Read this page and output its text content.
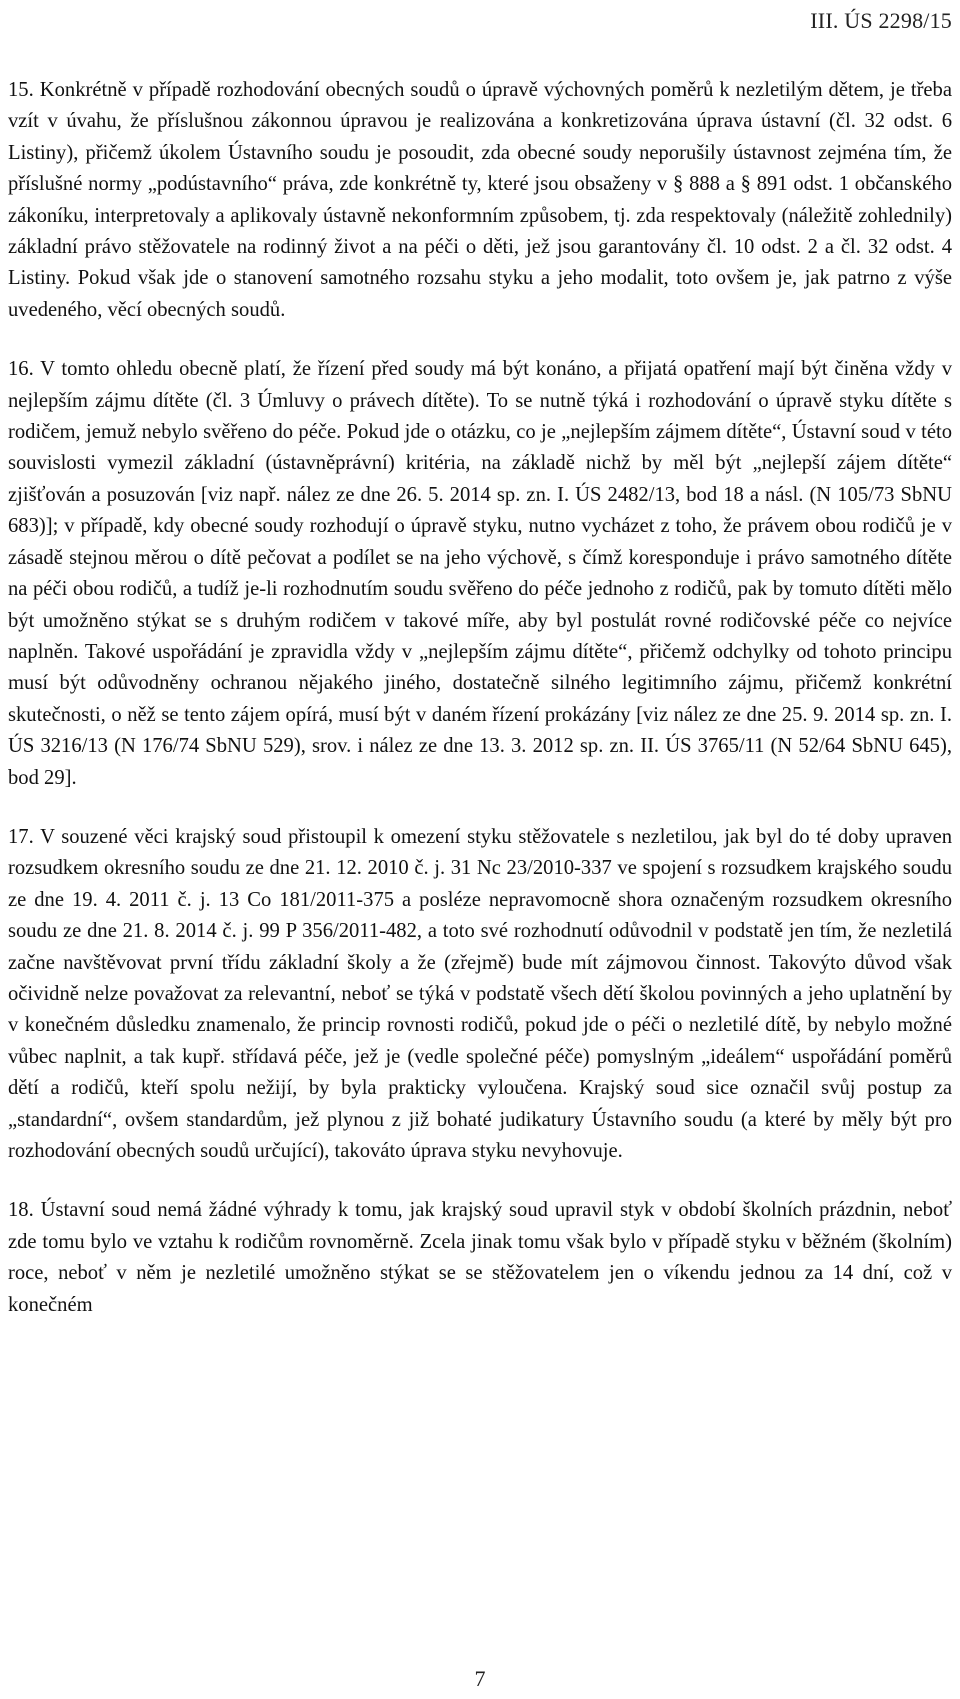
III. ÚS 2298/15

15. Konkrétně v případě rozhodování obecných soudů o úpravě výchovných poměrů k nezletilým dětem, je třeba vzít v úvahu, že příslušnou zákonnou úpravou je realizována a konkretizována úprava ústavní (čl. 32 odst. 6 Listiny), přičemž úkolem Ústavního soudu je posoudit, zda obecné soudy neporušily ústavnost zejména tím, že příslušné normy „podústavního“ práva, zde konkrétně ty, které jsou obsaženy v § 888 a § 891 odst. 1 občanského zákoníku, interpretovaly a aplikovaly ústavně nekonformním způsobem, tj. zda respektovaly (náležitě zohlednily) základní právo stěžovatele na rodinný život a na péči o děti, jež jsou garantovány čl. 10 odst. 2 a čl. 32 odst. 4 Listiny. Pokud však jde o stanovení samotného rozsahu styku a jeho modalit, toto ovšem je, jak patrno z výše uvedeného, věcí obecných soudů.

16. V tomto ohledu obecně platí, že řízení před soudy má být konáno, a přijatá opatření mají být činěna vždy v nejlepším zájmu dítěte (čl. 3 Úmluvy o právech dítěte). To se nutně týká i rozhodování o úpravě styku dítěte s rodičem, jemuž nebylo svěřeno do péče. Pokud jde o otázku, co je „nejlepším zájmem dítěte“, Ústavní soud v této souvislosti vymezil základní (ústavněprávní) kritéria, na základě nichž by měl být „nejlepší zájem dítěte“ zjišťován a posuzován [viz např. nález ze dne 26. 5. 2014 sp. zn. I. ÚS 2482/13, bod 18 a násl. (N 105/73 SbNU 683)]; v případě, kdy obecné soudy rozhodují o úpravě styku, nutno vycházet z toho, že právem obou rodičů je v zásadě stejnou měrou o dítě pečovat a podílet se na jeho výchově, s čímž koresponduje i právo samotného dítěte na péči obou rodičů, a tudíž je-li rozhodnutím soudu svěřeno do péče jednoho z rodičů, pak by tomuto dítěti mělo být umožněno stýkat se s druhým rodičem v takové míře, aby byl postulát rovné rodičovské péče co nejvíce naplněn. Takové uspořádání je zpravidla vždy v „nejlepším zájmu dítěte“, přičemž odchylky od tohoto principu musí být odůvodněny ochranou nějakého jiného, dostatečně silného legitimního zájmu, přičemž konkrétní skutečnosti, o něž se tento zájem opírá, musí být v daném řízení prokázány [viz nález ze dne 25. 9. 2014 sp. zn. I. ÚS 3216/13 (N 176/74 SbNU 529), srov. i nález ze dne 13. 3. 2012 sp. zn. II. ÚS 3765/11 (N 52/64 SbNU 645), bod 29].

17. V souzené věci krajský soud přistoupil k omezení styku stěžovatele s nezletilou, jak byl do té doby upraven rozsudkem okresního soudu ze dne 21. 12. 2010 č. j. 31 Nc 23/2010-337 ve spojení s rozsudkem krajského soudu ze dne 19. 4. 2011 č. j. 13 Co 181/2011-375 a posléze nepravomocně shora označeným rozsudkem okresního soudu ze dne 21. 8. 2014 č. j. 99 P 356/2011-482, a toto své rozhodnutí odůvodnil v podstatě jen tím, že nezletilá začne navštěvovat první třídu základní školy a že (zřejmě) bude mít zájmovou činnost. Takovýto důvod však očividně nelze považovat za relevantní, neboť se týká v podstatě všech dětí školou povinných a jeho uplatnění by v konečném důsledku znamenalo, že princip rovnosti rodičů, pokud jde o péči o nezletilé dítě, by nebylo možné vůbec naplnit, a tak kupř. střídavá péče, jež je (vedle společné péče) pomyslným „ideálem“ uspořádání poměrů dětí a rodičů, kteří spolu nežijí, by byla prakticky vyloučena. Krajský soud sice označil svůj postup za „standardní“, ovšem standardům, jež plynou z již bohaté judikatury Ústavního soudu (a které by měly být pro rozhodování obecných soudů určující), takováto úprava styku nevyhovuje.

18. Ústavní soud nemá žádné výhrady k tomu, jak krajský soud upravil styk v období školních prázdnin, neboť zde tomu bylo ve vztahu k rodičům rovnoměrně. Zcela jinak tomu však bylo v případě styku v běžném (školním) roce, neboť v něm je nezletilé umožněno stýkat se se stěžovatelem jen o víkendu jednou za 14 dní, což v konečném

7
